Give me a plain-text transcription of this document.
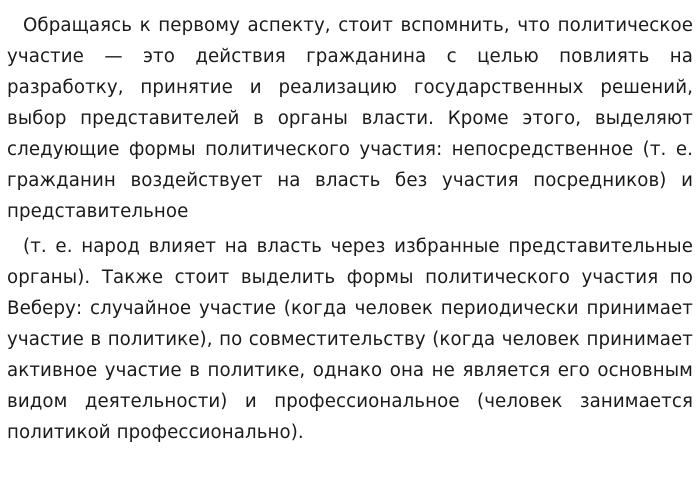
Обращаясь к первому аспекту, стоит вспомнить, что политическое участие — это действия гражданина с целью повлиять на разработку, принятие и реализацию государственных решений, выбор представителей в органы власти. Кроме этого, выделяют следующие формы политического участия: непосредственное (т. е. гражданин воздействует на власть без участия посредников) и представительное

(т. е. народ влияет на власть через избранные представительные органы). Также стоит выделить формы политического участия по Веберу: случайное участие (когда человек периодически принимает участие в политике), по совместительству (когда человек принимает активное участие в политике, однако она не является его основным видом деятельности) и профессиональное (человек занимается политикой профессионально).
